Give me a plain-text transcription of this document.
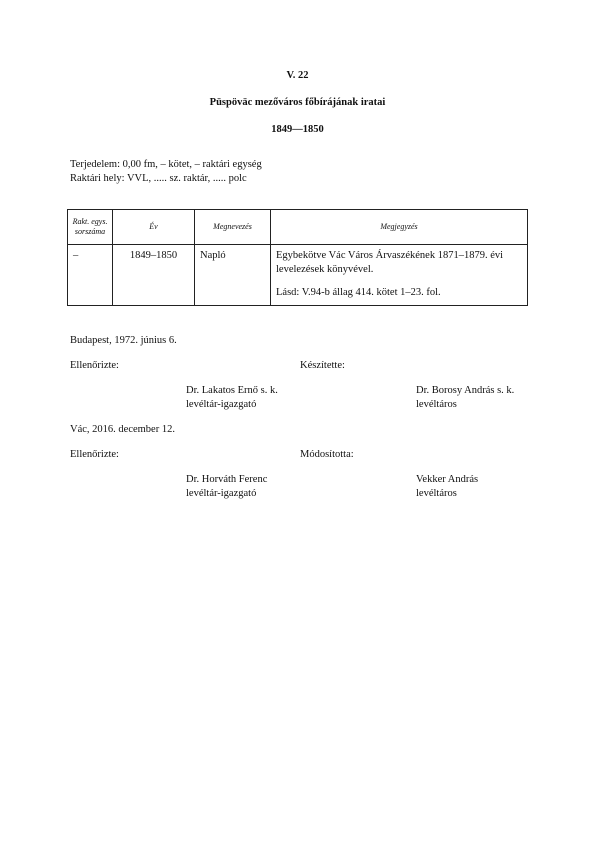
V. 22
Püspöväc mezőváros főbírájának iratai
1849—1850
Terjedelem: 0,00 fm, – kötet, – raktári egység
Raktári hely: VVL, ..... sz. raktár, ..... polc
Rakt. egys. sorszáma	Év	Megnevezés	Megjegyzés
–	1849–1850	Napló	Egybekötve Vác Város Árvaszékének 1871–1879. évi levelezések könyvével.
Lásd: V.94-b állag 414. kötet 1–23. fol.
Budapest, 1972. június 6.
Ellenőrizte:	Készítette:
Dr. Lakatos Ernő s. k.
levéltár-igazgató
Dr. Borosy András s. k.
levéltáros
Vác, 2016. december 12.
Ellenőrizte:	Módosította:
Dr. Horváth Ferenc
levéltár-igazgató
Vekker András
levéltáros
